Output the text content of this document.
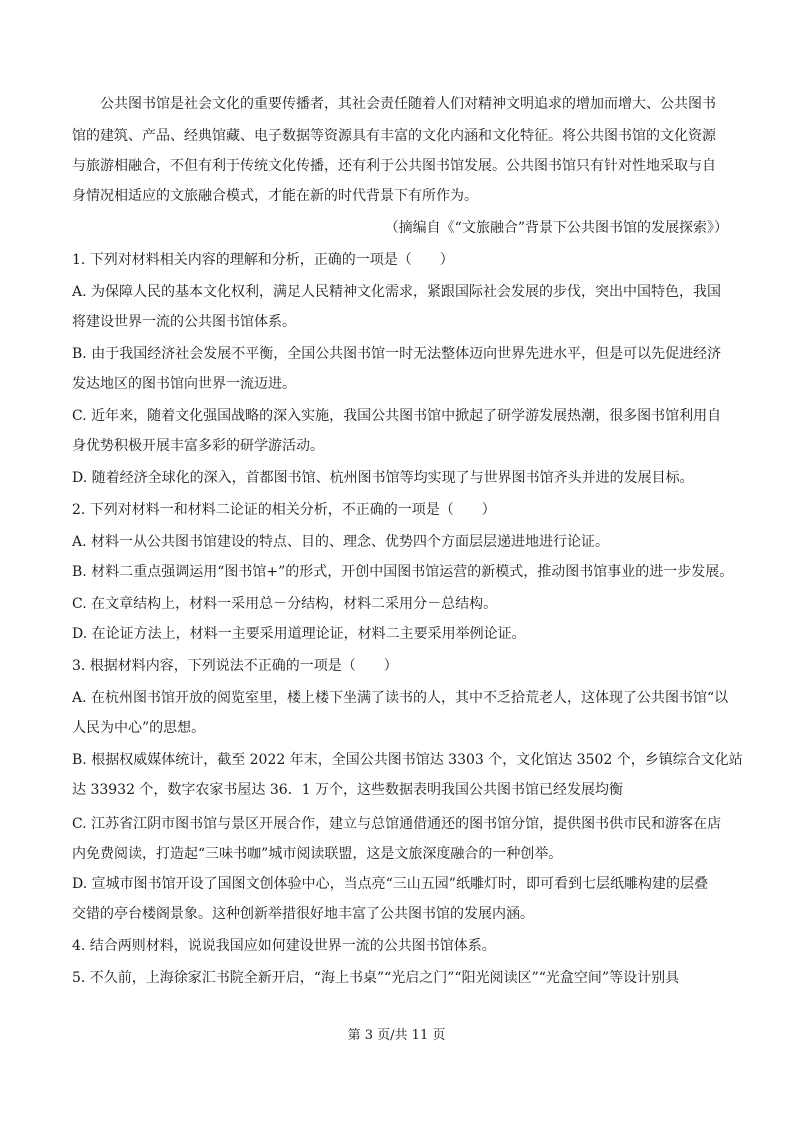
　　公共图书馆是社会文化的重要传播者，其社会责任随着人们对精神文明追求的增加而增大、公共图书
馆的建筑、产品、经典馆藏、电子数据等资源具有丰富的文化内涵和文化特征。将公共图书馆的文化资源
与旅游相融合，不但有利于传统文化传播，还有利于公共图书馆发展。公共图书馆只有针对性地采取与自
身情况相适应的文旅融合模式，才能在新的时代背景下有所作为。
（摘编自《“文旅融合”背景下公共图书馆的发展探索》）
1. 下列对材料相关内容的理解和分析，正确的一项是（　　）
A. 为保障人民的基本文化权利，满足人民精神文化需求，紧跟国际社会发展的步伐，突出中国特色，我国
将建设世界一流的公共图书馆体系。
B. 由于我国经济社会发展不平衡，全国公共图书馆一时无法整体迈向世界先进水平，但是可以先促进经济
发达地区的图书馆向世界一流迈进。
C. 近年来，随着文化强国战略的深入实施，我国公共图书馆中掀起了研学游发展热潮，很多图书馆利用自
身优势积极开展丰富多彩的研学游活动。
D. 随着经济全球化的深入，首都图书馆、杭州图书馆等均实现了与世界图书馆齐头并进的发展目标。
2. 下列对材料一和材料二论证的相关分析，不正确的一项是（　　）
A. 材料一从公共图书馆建设的特点、目的、理念、优势四个方面层层递进地进行论证。
B. 材料二重点强调运用“图书馆+”的形式，开创中国图书馆运营的新模式，推动图书馆事业的进一步发展。
C. 在文章结构上，材料一采用总－分结构，材料二采用分－总结构。
D. 在论证方法上，材料一主要采用道理论证，材料二主要采用举例论证。
3. 根据材料内容，下列说法不正确的一项是（　　）
A. 在杭州图书馆开放的阅览室里，楼上楼下坐满了读书的人，其中不乏拾荒老人，这体现了公共图书馆“以
人民为中心”的思想。
B. 根据权威媒体统计，截至 2022 年末，全国公共图书馆达 3303 个，文化馆达 3502 个，乡镇综合文化站
达 33932 个，数字农家书屋达 36．1 万个，这些数据表明我国公共图书馆已经发展均衡
C. 江苏省江阴市图书馆与景区开展合作，建立与总馆通借通还的图书馆分馆，提供图书供市民和游客在店
内免费阅读，打造起“三味书咖”城市阅读联盟，这是文旅深度融合的一种创举。
D. 宣城市图书馆开设了国图文创体验中心，当点亮“三山五园”纸雕灯时，即可看到七层纸雕构建的层叠
交错的亭台楼阁景象。这种创新举措很好地丰富了公共图书馆的发展内涵。
4. 结合两则材料，说说我国应如何建设世界一流的公共图书馆体系。
5. 不久前，上海徐家汇书院全新开启，“海上书桌”“光启之门”“阳光阅读区”“光盒空间”等设计别具
第 3 页/共 11 页
